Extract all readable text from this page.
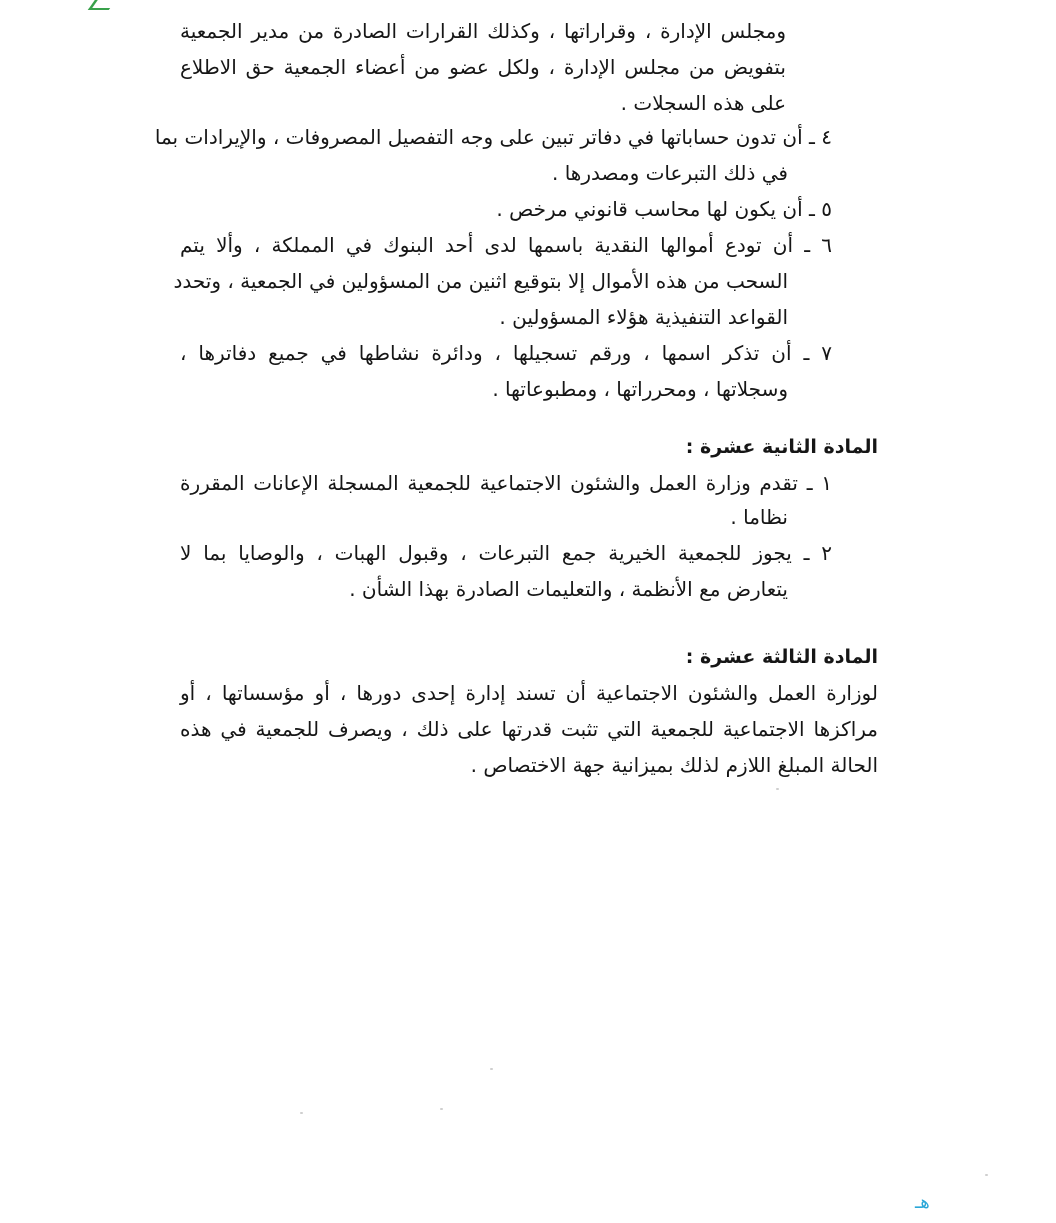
ومجلس الإدارة ، وقراراتها ، وكذلك القرارات الصادرة من مدير الجمعية
بتفويض من مجلس الإدارة ، ولكل عضو من أعضاء الجمعية حق الاطلاع
على هذه السجلات .
٤ ـ أن تدون حساباتها في دفاتر تبين على وجه التفصيل المصروفات ، والإيرادات بما
في ذلك التبرعات ومصدرها .
٥ ـ أن يكون لها محاسب قانوني مرخص .
٦ ـ أن تودع أموالها النقدية باسمها لدى أحد البنوك في المملكة ، وألا يتم
السحب من هذه الأموال إلا بتوقيع اثنين من المسؤولين في الجمعية ، وتحدد
القواعد التنفيذية هؤلاء المسؤولين .
٧ ـ أن تذكر اسمها ، ورقم تسجيلها ، ودائرة نشاطها في جميع دفاترها ،
وسجلاتها ، ومحرراتها ، ومطبوعاتها .
المادة الثانية عشرة :
١ ـ تقدم وزارة العمل والشئون الاجتماعية للجمعية المسجلة الإعانات المقررة
نظاما .
٢ ـ يجوز للجمعية الخيرية جمع التبرعات ، وقبول الهبات ، والوصايا بما لا
يتعارض مع الأنظمة ، والتعليمات الصادرة بهذا الشأن .
المادة الثالثة عشرة :
لوزارة العمل والشئون الاجتماعية أن تسند إدارة إحدى دورها ، أو مؤسساتها ، أو
مراكزها الاجتماعية للجمعية التي تثبت قدرتها على ذلك ، ويصرف للجمعية في هذه
الحالة المبلغ اللازم لذلك بميزانية جهة الاختصاص .
هـ
